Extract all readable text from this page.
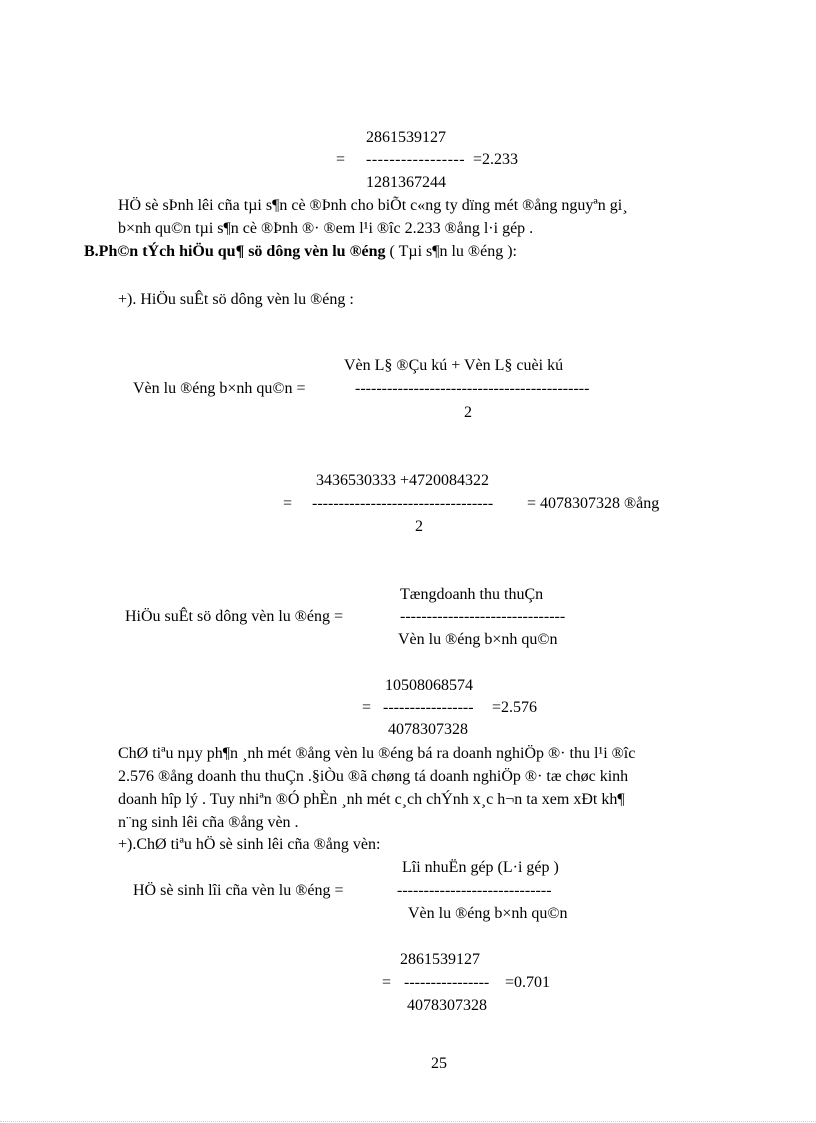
2861539127
= ----------------- =2.233
1281367244
HÖ sè sÞnh lêi cña tµi s¶n cè ®Þnh cho biÕt c«ng ty dïng mét ®ång nguyªn gi¸
b×nh qu©n tµi s¶n cè ®Þnh ®· ®em l¹i ®îc 2.233 ®ång l·i gép .
B.Ph©n tÝch hiÖu qu¶ sö dông vèn lu ®éng ( Tµi s¶n lu ®éng ):
+). HiÖu suÊt sö dông vèn lu ®éng :
Vèn L§ ®Çu kú + Vèn L§ cuèi kú
Vèn lu ®éng b×nh qu©n =	--------------------------------------------
2
3436530333 +4720084322
= ---------------------------------- = 4078307328 ®ång
2
Tængdoanh thu thuÇn
HiÖu suÊt sö dông vèn lu ®éng =	-------------------------------
Vèn lu ®éng b×nh qu©n
10508068574
= ----------------- =2.576
4078307328
ChØ tiªu nµy ph¶n ¸nh mét ®ång vèn lu ®éng bá ra doanh nghiÖp ®· thu l¹i ®îc
2.576 ®ång doanh thu thuÇn .§iÒu ®ã chøng tá doanh nghiÖp ®· tæ chøc kinh
doanh hîp lý . Tuy nhiªn ®Ó phÈn ¸nh mét c¸ch chÝnh x¸c h¬n ta xem xÐt kh¶
n¨ng sinh lêi cña ®ång vèn .
+).ChØ tiªu hÖ sè sinh lêi cña ®ång vèn:
Lîi nhuËn gép (L·i gép )
HÖ sè sinh lîi cña vèn lu ®éng =	-----------------------------
Vèn lu ®éng b×nh qu©n
2861539127
= ---------------- =0.701
4078307328
25
